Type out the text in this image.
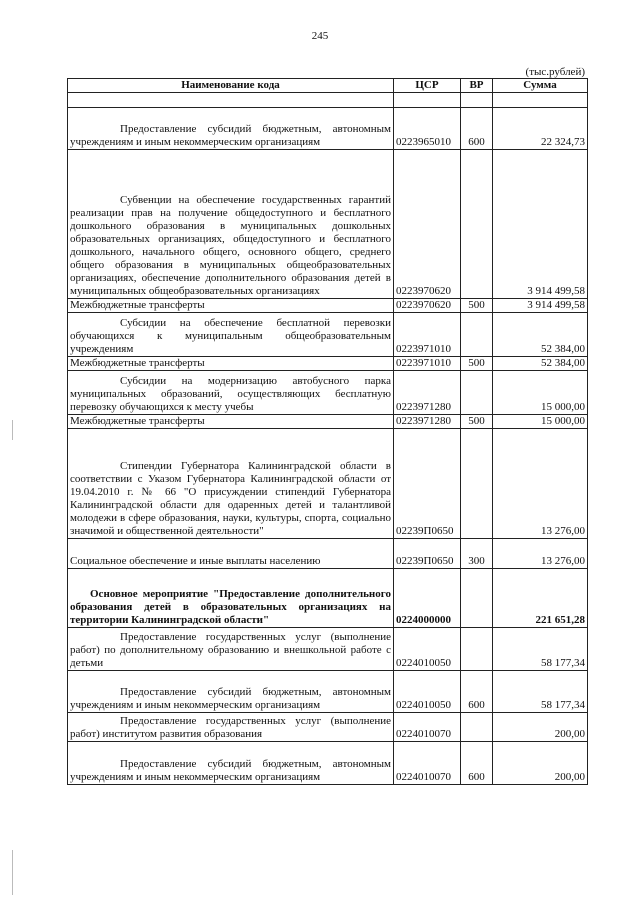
245
(тыс.рублей)
Наименование кода	ЦСР	ВР	Сумма

Предоставление субсидий бюджетным, автономным учреждениям и иным некоммерческим организациям	0223965010	600	22 324,73
Субвенции на обеспечение государственных гарантий реализации прав на получение общедоступного и бесплатного дошкольного образования в муниципальных дошкольных образовательных организациях, общедоступного и бесплатного дошкольного, начального общего, основного общего, среднего общего образования в муниципальных общеобразовательных организациях, обеспечение дополнительного образования детей в муниципальных общеобразовательных организациях	0223970620		3 914 499,58
Межбюджетные трансферты	0223970620	500	3 914 499,58
Субсидии на обеспечение бесплатной перевозки обучающихся к муниципальным общеобразовательным учреждениям	0223971010		52 384,00
Межбюджетные трансферты	0223971010	500	52 384,00
Субсидии на модернизацию автобусного парка муниципальных образований, осуществляющих бесплатную перевозку обучающихся к месту учебы	0223971280		15 000,00
Межбюджетные трансферты	0223971280	500	15 000,00
Стипендии Губернатора Калининградской области в соответствии с Указом Губернатора Калининградской области от 19.04.2010 г. № 66 "О присуждении стипендий Губернатора Калининградской области для одаренных детей и талантливой молодежи в сфере образования, науки, культуры, спорта, социально значимой и общественной деятельности"	02239П0650		13 276,00
Социальное обеспечение и иные выплаты населению	02239П0650	300	13 276,00
Основное мероприятие "Предоставление дополнительного образования детей в образовательных организациях на территории Калининградской области"	0224000000		221 651,28
Предоставление государственных услуг (выполнение работ) по дополнительному образованию и внешкольной работе с детьми	0224010050		58 177,34
Предоставление субсидий бюджетным, автономным учреждениям и иным некоммерческим организациям	0224010050	600	58 177,34
Предоставление государственных услуг (выполнение работ) институтом развития образования	0224010070		200,00
Предоставление субсидий бюджетным, автономным учреждениям и иным некоммерческим организациям	0224010070	600	200,00
